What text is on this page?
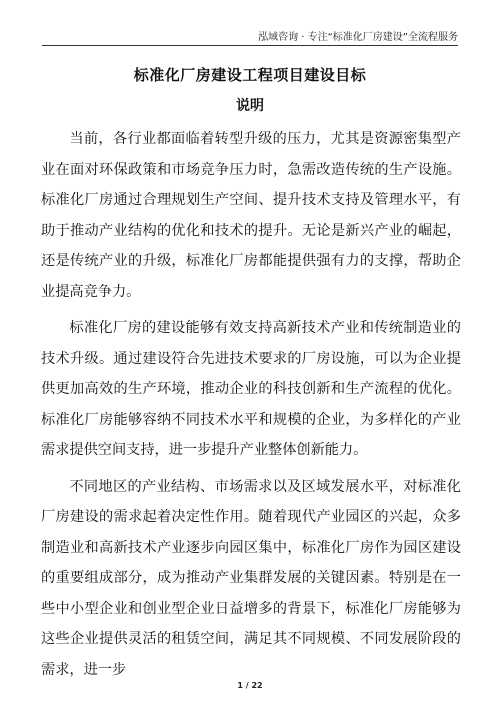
泓域咨询 · 专注“标准化厂房建设”全流程服务
标准化厂房建设工程项目建设目标
说明

当前，各行业都面临着转型升级的压力，尤其是资源密集型产业在面对环保政策和市场竞争压力时，急需改造传统的生产设施。标准化厂房通过合理规划生产空间、提升技术支持及管理水平，有助于推动产业结构的优化和技术的提升。无论是新兴产业的崛起，还是传统产业的升级，标准化厂房都能提供强有力的支撑，帮助企业提高竞争力。

标准化厂房的建设能够有效支持高新技术产业和传统制造业的技术升级。通过建设符合先进技术要求的厂房设施，可以为企业提供更加高效的生产环境，推动企业的科技创新和生产流程的优化。标准化厂房能够容纳不同技术水平和规模的企业，为多样化的产业需求提供空间支持，进一步提升产业整体创新能力。

不同地区的产业结构、市场需求以及区域发展水平，对标准化厂房建设的需求起着决定性作用。随着现代产业园区的兴起，众多制造业和高新技术产业逐步向园区集中，标准化厂房作为园区建设的重要组成部分，成为推动产业集群发展的关键因素。特别是在一些中小型企业和创业型企业日益增多的背景下，标准化厂房能够为这些企业提供灵活的租赁空间，满足其不同规模、不同发展阶段的需求，进一步

1 / 22
